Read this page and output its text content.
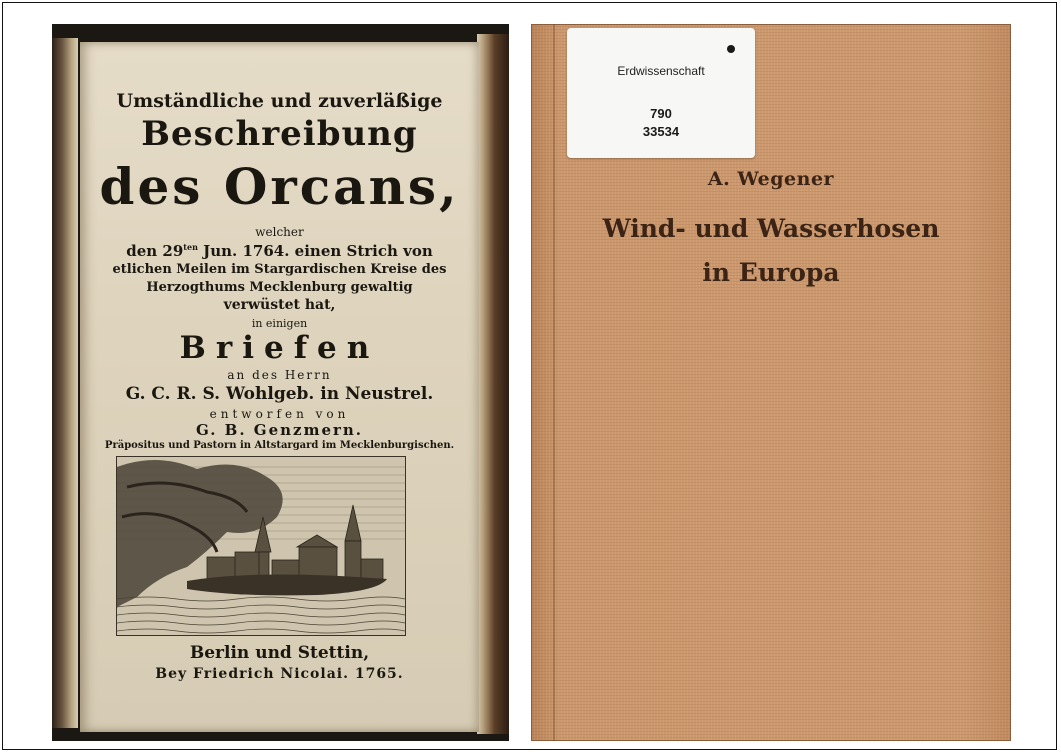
Umständliche und zuverläßige
Beschreibung
des Orcans,
welcher
den $29^{ten}$ Jun. 1764. einen Strich von
etlichen Meilen im Stargardischen Kreise des
Herzogthums Mecklenburg gewaltig
verwüstet hat,
in einigen
Briefen
an des Herrn
G. C. R. S. Wohlgeb. in Neustrel.
entworfen von
G. B. Genzmern.
Präpositus und Pastorn in Altstargard im Mecklenburgischen.
Berlin und Stettin,
Bey Friedrich Nicolai. 1765.
Erdwissenschaft
790
33534
A. Wegener
Wind- und Wasserhosen
in Europa
